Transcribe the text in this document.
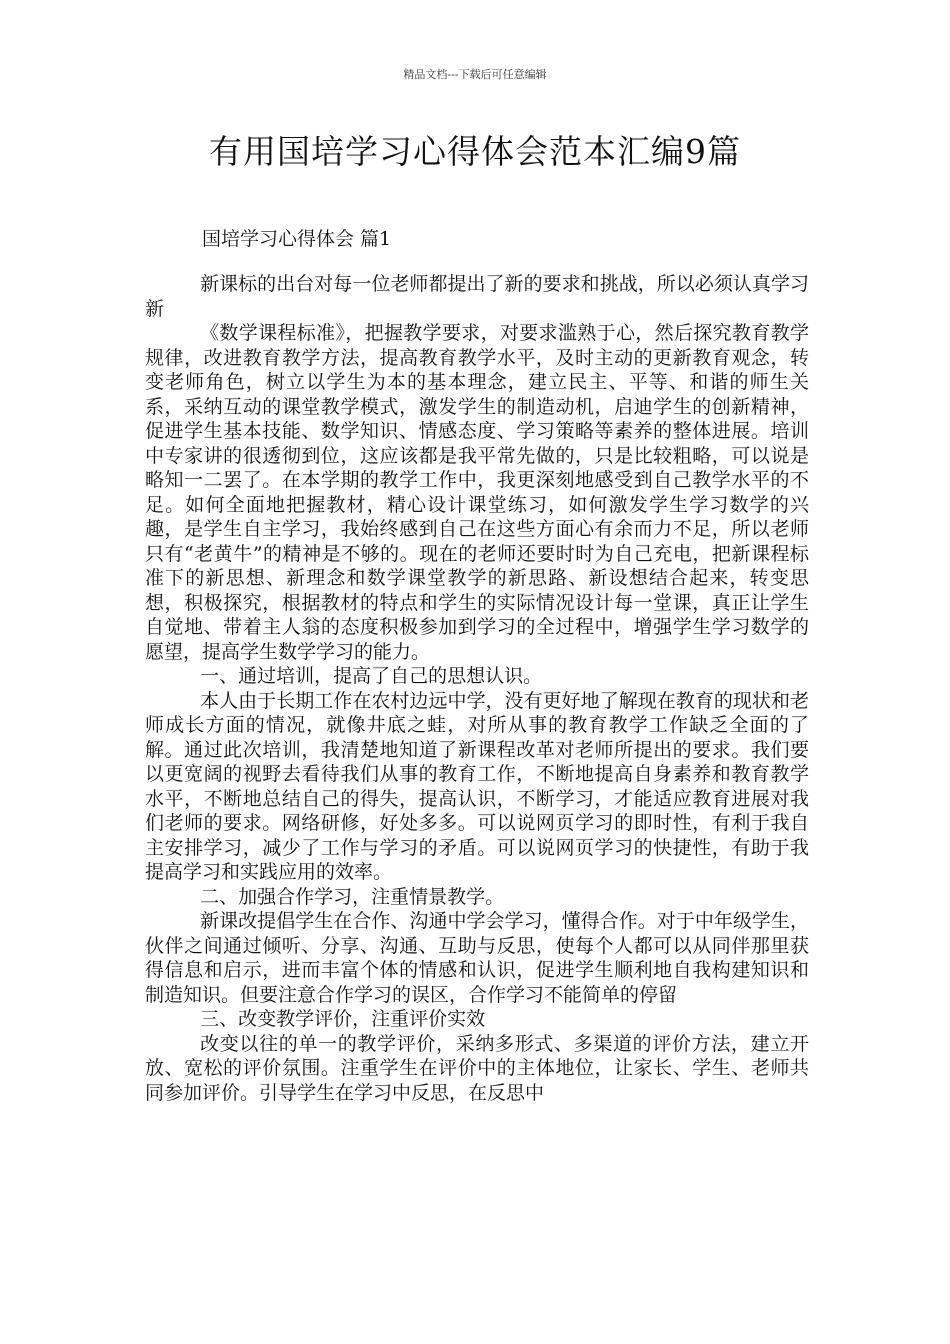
精品文档---下载后可任意编辑
有用国培学习心得体会范本汇编9篇
国培学习心得体会 篇1

新课标的出台对每一位老师都提出了新的要求和挑战，所以必须认真学习新

《数学课程标准》，把握教学要求，对要求滥熟于心，然后探究教育教学规律，改进教育教学方法，提高教育教学水平，及时主动的更新教育观念，转变老师角色，树立以学生为本的基本理念，建立民主、平等、和谐的师生关系，采纳互动的课堂教学模式，激发学生的制造动机，启迪学生的创新精神，促进学生基本技能、数学知识、情感态度、学习策略等素养的整体进展。培训中专家讲的很透彻到位，这应该都是我平常先做的，只是比较粗略，可以说是略知一二罢了。在本学期的教学工作中，我更深刻地感受到自己教学水平的不足。如何全面地把握教材，精心设计课堂练习，如何激发学生学习数学的兴趣，是学生自主学习，我始终感到自己在这些方面心有余而力不足，所以老师只有“老黄牛”的精神是不够的。现在的老师还要时时为自己充电，把新课程标准下的新思想、新理念和数学课堂教学的新思路、新设想结合起来，转变思想，积极探究，根据教材的特点和学生的实际情况设计每一堂课，真正让学生自觉地、带着主人翁的态度积极参加到学习的全过程中，增强学生学习数学的愿望，提高学生数学学习的能力。

一、通过培训，提高了自己的思想认识。

本人由于长期工作在农村边远中学，没有更好地了解现在教育的现状和老师成长方面的情况，就像井底之蛙，对所从事的教育教学工作缺乏全面的了解。通过此次培训，我清楚地知道了新课程改革对老师所提出的要求。我们要以更宽阔的视野去看待我们从事的教育工作，不断地提高自身素养和教育教学水平，不断地总结自己的得失，提高认识，不断学习，才能适应教育进展对我们老师的要求。网络研修，好处多多。可以说网页学习的即时性，有利于我自主安排学习，减少了工作与学习的矛盾。可以说网页学习的快捷性，有助于我提高学习和实践应用的效率。

二、加强合作学习，注重情景教学。

新课改提倡学生在合作、沟通中学会学习，懂得合作。对于中年级学生，伙伴之间通过倾听、分享、沟通、互助与反思，使每个人都可以从同伴那里获得信息和启示，进而丰富个体的情感和认识，促进学生顺利地自我构建知识和制造知识。但要注意合作学习的误区，合作学习不能简单的停留

三、改变教学评价，注重评价实效

改变以往的单一的教学评价，采纳多形式、多渠道的评价方法，建立开放、宽松的评价氛围。注重学生在评价中的主体地位，让家长、学生、老师共同参加评价。引导学生在学习中反思，在反思中
